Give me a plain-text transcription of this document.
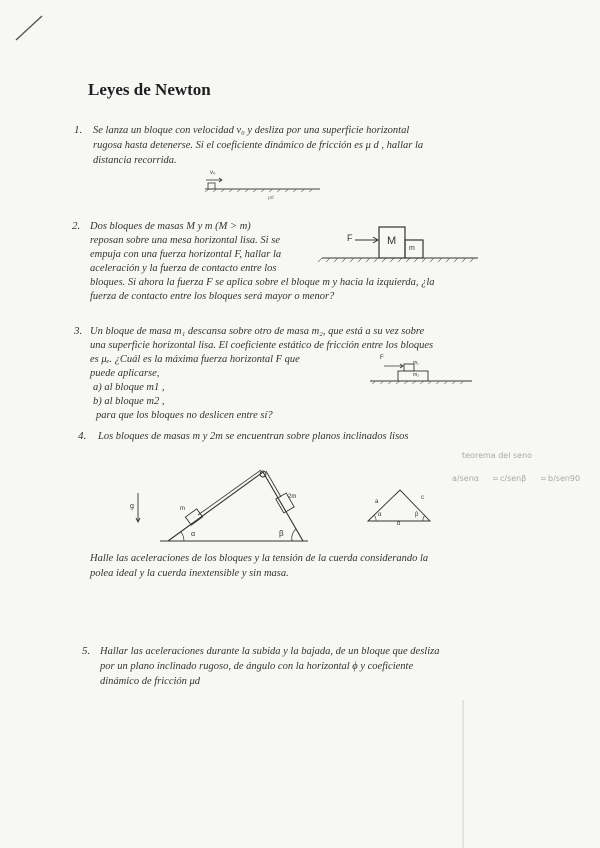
Leyes de Newton
1. Se lanza un bloque con velocidad v₀ y desliza por una superficie horizontal
rugosa hasta detenerse. Si el coeficiente dinámico de fricción es μ d , hallar la
distancia recorrida.
v₀
μd
2. Dos bloques de masas M y m (M > m)
reposan sobre una mesa horizontal lisa. Si se
empuja con una fuerza horizontal F, hallar la
aceleración y la fuerza de contacto entre los
bloques. Si ahora la fuerza F se aplica sobre el bloque m y hacia la izquierda, ¿la
fuerza de contacto entre los bloques será mayor o menor?
F	M
m
3. Un bloque de masa m₁ descansa sobre otro de masa m₂, que está a su vez sobre
una superficie horizontal lisa. El coeficiente estático de fricción entre los bloques
es μₑ. ¿Cuál es la máxima fuerza horizontal F que
puede aplicarse,
a) al bloque m1 ,
b) al bloque m2 ,
para que los bloques no deslicen entre sí?
F
m₁
m₂
4. Los bloques de masas m y 2m se encuentran sobre planos inclinados lisos
g	m
2m
α	β
a
b
c
α	β
teorema del seno
a/senα = c/senβ = b/sen90
Halle las aceleraciones de los bloques y la tensión de la cuerda considerando la
polea ideal y la cuerda inextensible y sin masa.
5. Hallar las aceleraciones durante la subida y la bajada, de un bloque que desliza
por un plano inclinado rugoso, de ángulo con la horizontal ϕ y coeficiente
dinámico de fricción μd
